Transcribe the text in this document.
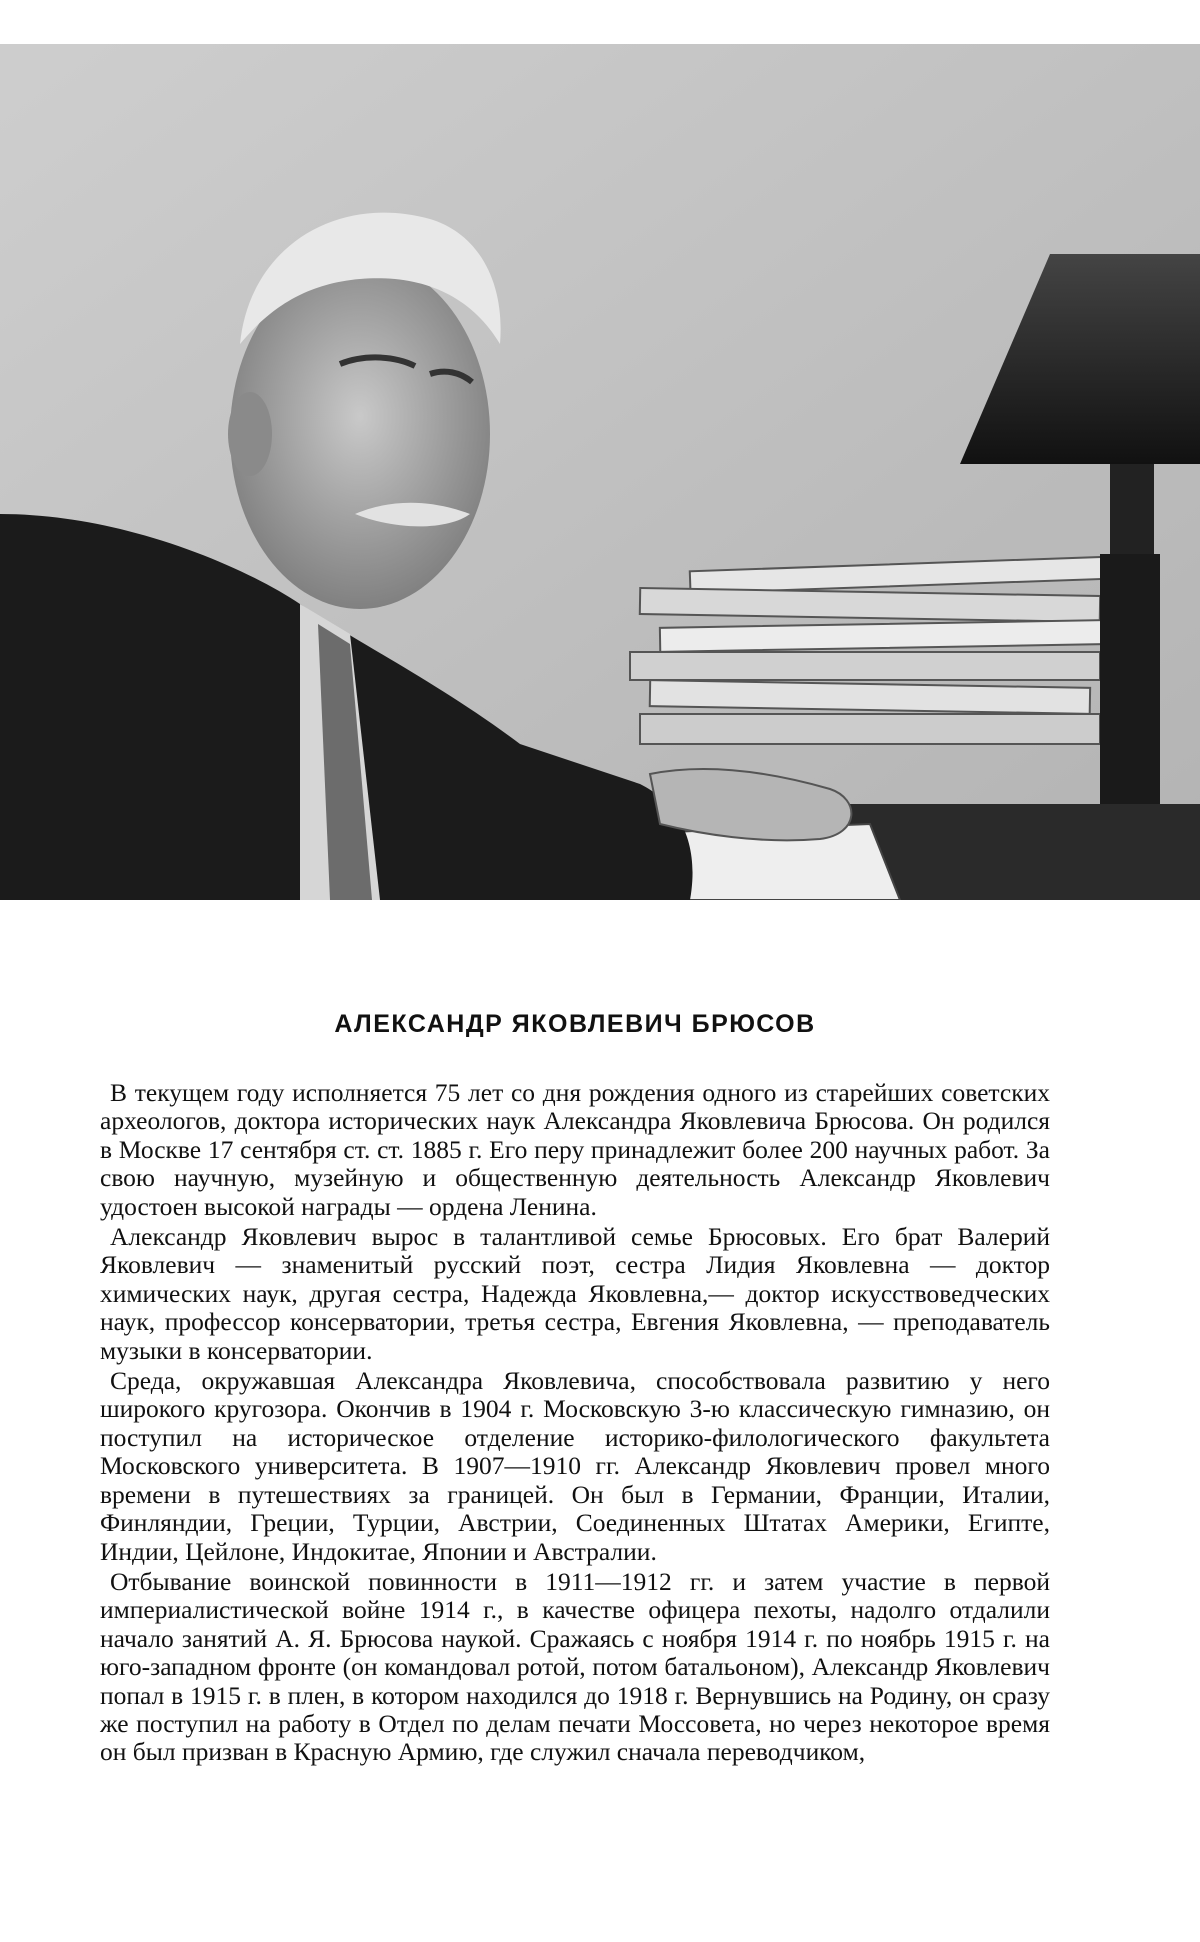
АЛЕКСАНДР ЯКОВЛЕВИЧ БРЮСОВ

В текущем году исполняется 75 лет со дня рождения одного из старейших советских археологов, доктора исторических наук Александра Яковлевича Брюсова. Он родился в Москве 17 сентября ст. ст. 1885 г. Его перу принадлежит более 200 научных работ. За свою научную, музейную и общественную деятельность Александр Яковлевич удостоен высокой награды — ордена Ленина.

Александр Яковлевич вырос в талантливой семье Брюсовых. Его брат Валерий Яковлевич — знаменитый русский поэт, сестра Лидия Яковлевна — доктор химических наук, другая сестра, Надежда Яковлевна,— доктор искусствоведческих наук, профессор консерватории, третья сестра, Евгения Яковлевна, — преподаватель музыки в консерватории.

Среда, окружавшая Александра Яковлевича, способствовала развитию у него широкого кругозора. Окончив в 1904 г. Московскую 3-ю классическую гимназию, он поступил на историческое отделение историко-филологического факультета Московского университета. В 1907—1910 гг. Александр Яковлевич провел много времени в путешествиях за границей. Он был в Германии, Франции, Италии, Финляндии, Греции, Турции, Австрии, Соединенных Штатах Америки, Египте, Индии, Цейлоне, Индокитае, Японии и Австралии.

Отбывание воинской повинности в 1911—1912 гг. и затем участие в первой империалистической войне 1914 г., в качестве офицера пехоты, надолго отдалили начало занятий А. Я. Брюсова наукой. Сражаясь с ноября 1914 г. по ноябрь 1915 г. на юго-западном фронте (он командовал ротой, потом батальоном), Александр Яковлевич попал в 1915 г. в плен, в котором находился до 1918 г. Вернувшись на Родину, он сразу же поступил на работу в Отдел по делам печати Моссовета, но через некоторое время он был призван в Красную Армию, где служил сначала переводчиком,
